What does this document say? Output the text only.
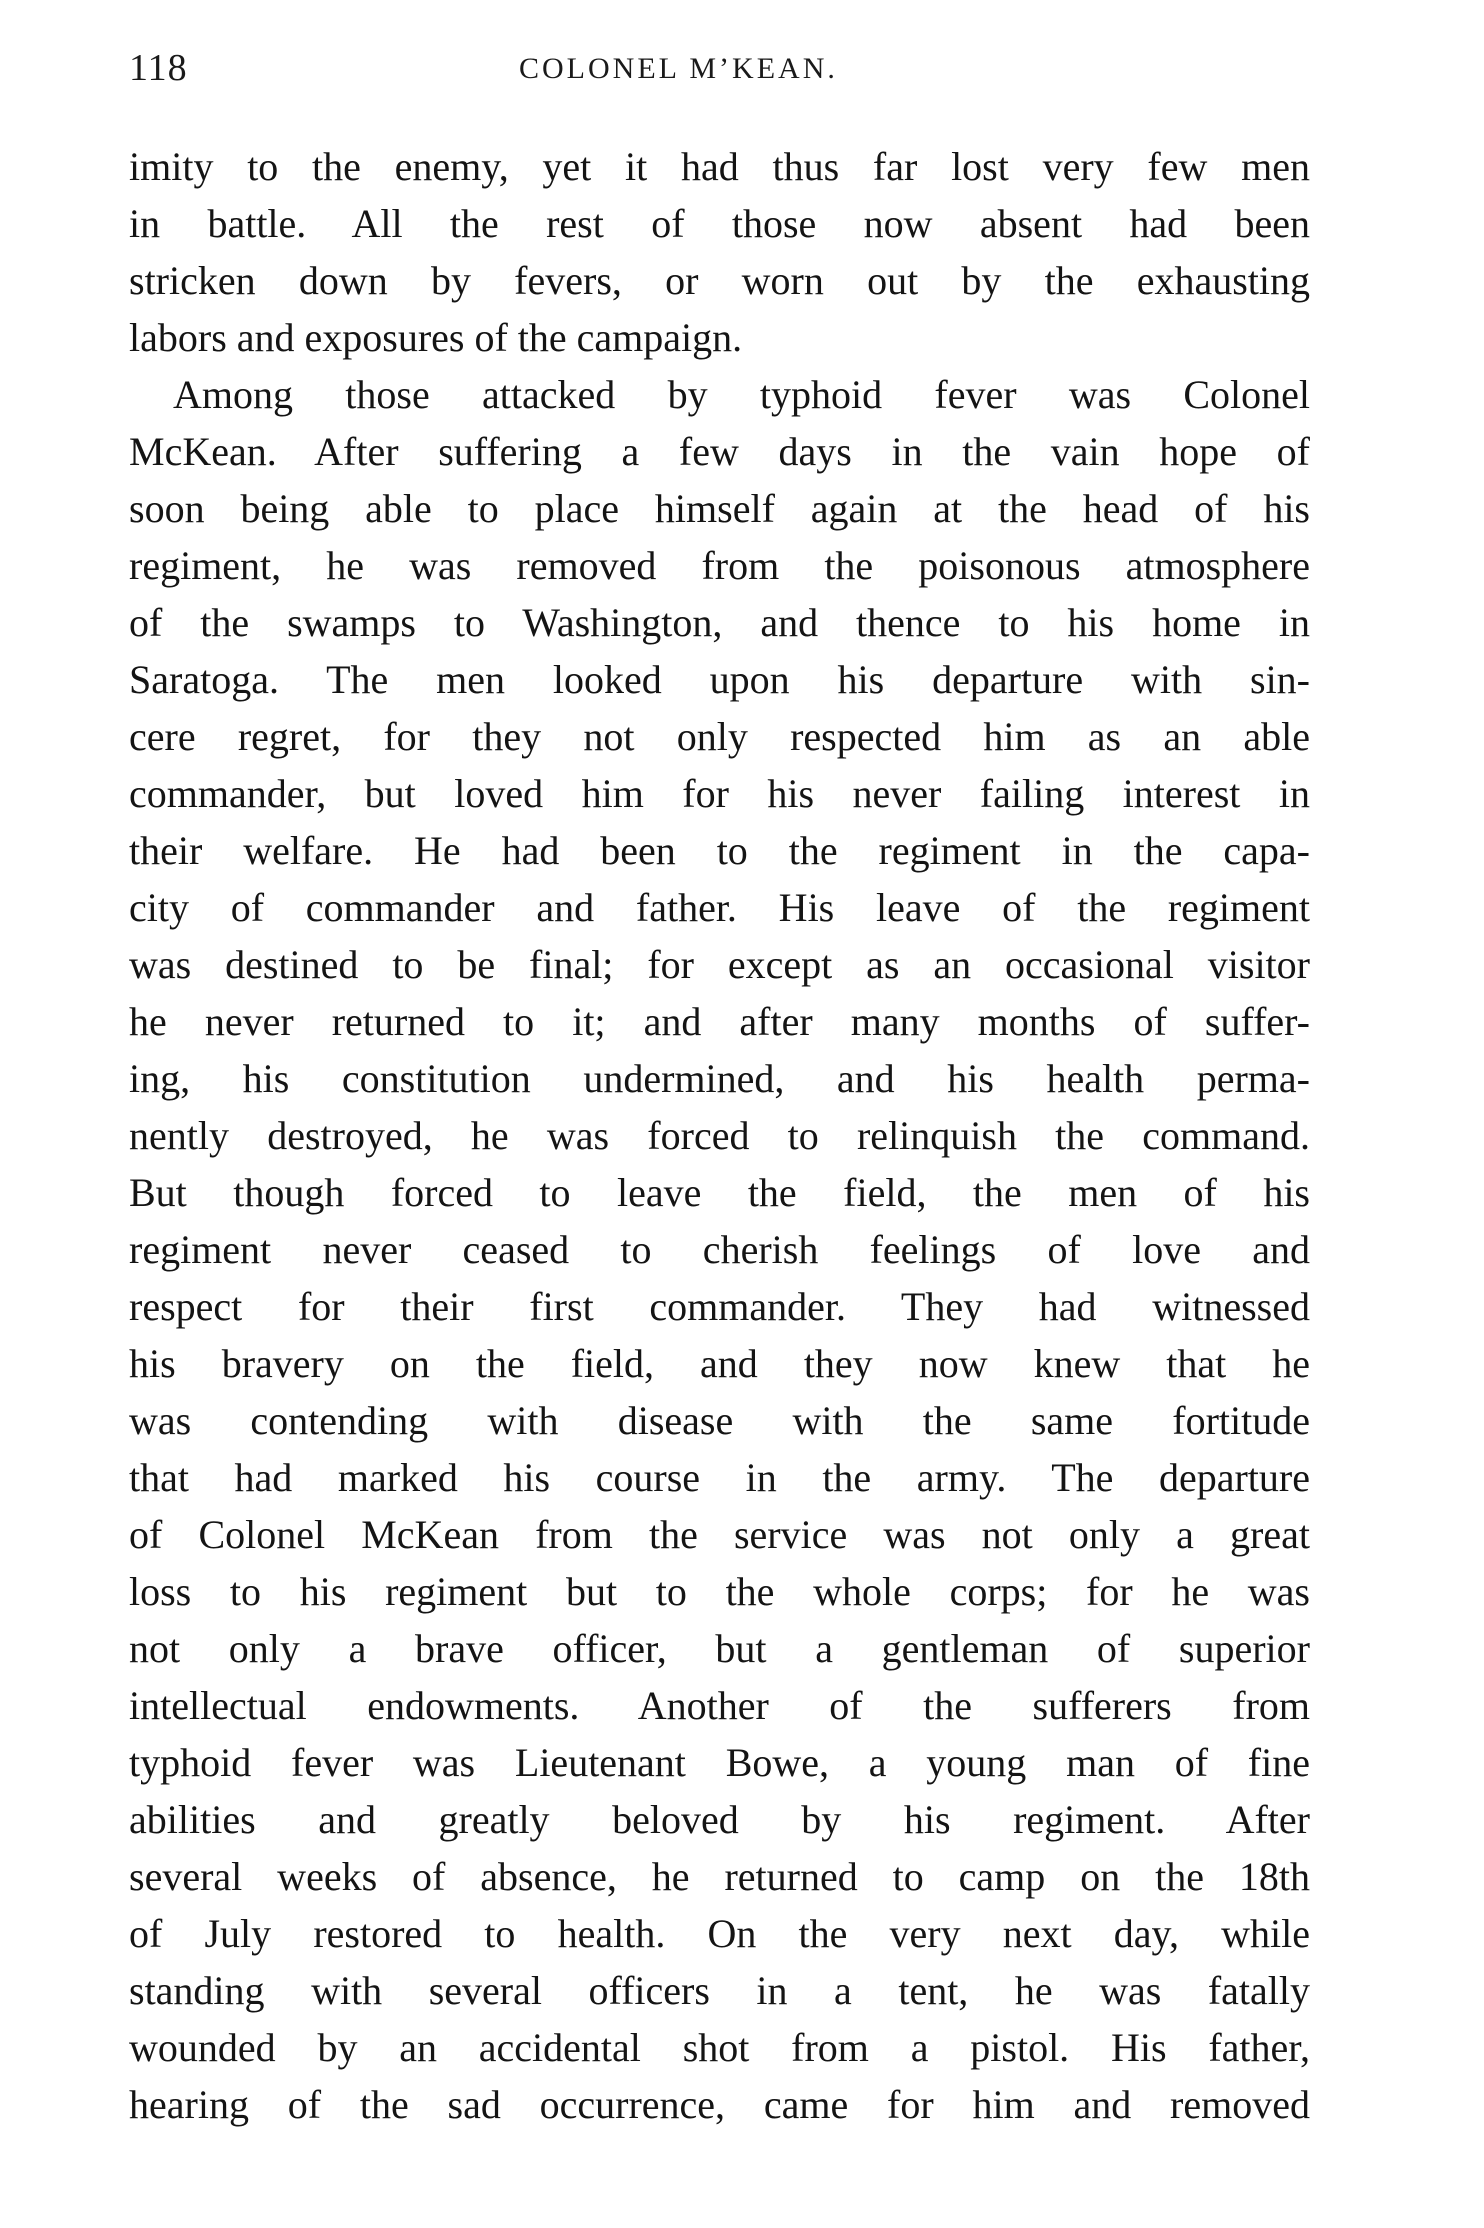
118	COLONEL M’KEAN.
imity to the enemy, yet it had thus far lost very few men
in battle. All the rest of those now absent had been
stricken down by fevers, or worn out by the exhausting
labors and exposures of the campaign.
Among those attacked by typhoid fever was Colonel
McKean. After suffering a few days in the vain hope of
soon being able to place himself again at the head of his
regiment, he was removed from the poisonous atmosphere
of the swamps to Washington, and thence to his home in
Saratoga. The men looked upon his departure with sin-
cere regret, for they not only respected him as an able
commander, but loved him for his never failing interest in
their welfare. He had been to the regiment in the capa-
city of commander and father. His leave of the regiment
was destined to be final; for except as an occasional visitor
he never returned to it; and after many months of suffer-
ing, his constitution undermined, and his health perma-
nently destroyed, he was forced to relinquish the command.
But though forced to leave the field, the men of his
regiment never ceased to cherish feelings of love and
respect for their first commander. They had witnessed
his bravery on the field, and they now knew that he
was contending with disease with the same fortitude
that had marked his course in the army. The departure
of Colonel McKean from the service was not only a great
loss to his regiment but to the whole corps; for he was
not only a brave officer, but a gentleman of superior
intellectual endowments. Another of the sufferers from
typhoid fever was Lieutenant Bowe, a young man of fine
abilities and greatly beloved by his regiment. After
several weeks of absence, he returned to camp on the 18th
of July restored to health. On the very next day, while
standing with several officers in a tent, he was fatally
wounded by an accidental shot from a pistol. His father,
hearing of the sad occurrence, came for him and removed
